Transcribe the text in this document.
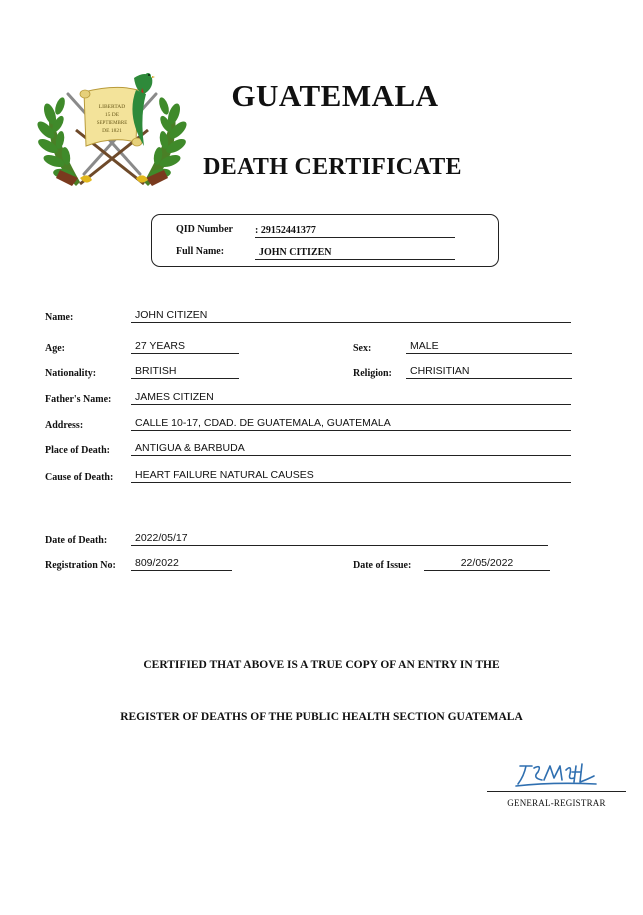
LIBERTAD
15 DE
SEPTIEMBRE
DE 1821
GUATEMALA
DEATH CERTIFICATE
QID Number : 29152441377
Full Name:	JOHN CITIZEN
Name:	JOHN CITIZEN
Age:	27 YEARS	Sex:	MALE
Nationality:	BRITISH	Religion:	CHRISITIAN
Father's Name:	JAMES CITIZEN
Address:	CALLE 10-17, CDAD. DE GUATEMALA, GUATEMALA
Place of Death:	ANTIGUA & BARBUDA
Cause of Death:	HEART FAILURE NATURAL CAUSES
Date of Death:	2022/05/17
Registration No:	809/2022	Date of Issue:	22/05/2022
CERTIFIED THAT ABOVE IS A TRUE COPY OF AN ENTRY IN THE
REGISTER OF DEATHS OF THE PUBLIC HEALTH SECTION GUATEMALA
GENERAL-REGISTRAR
